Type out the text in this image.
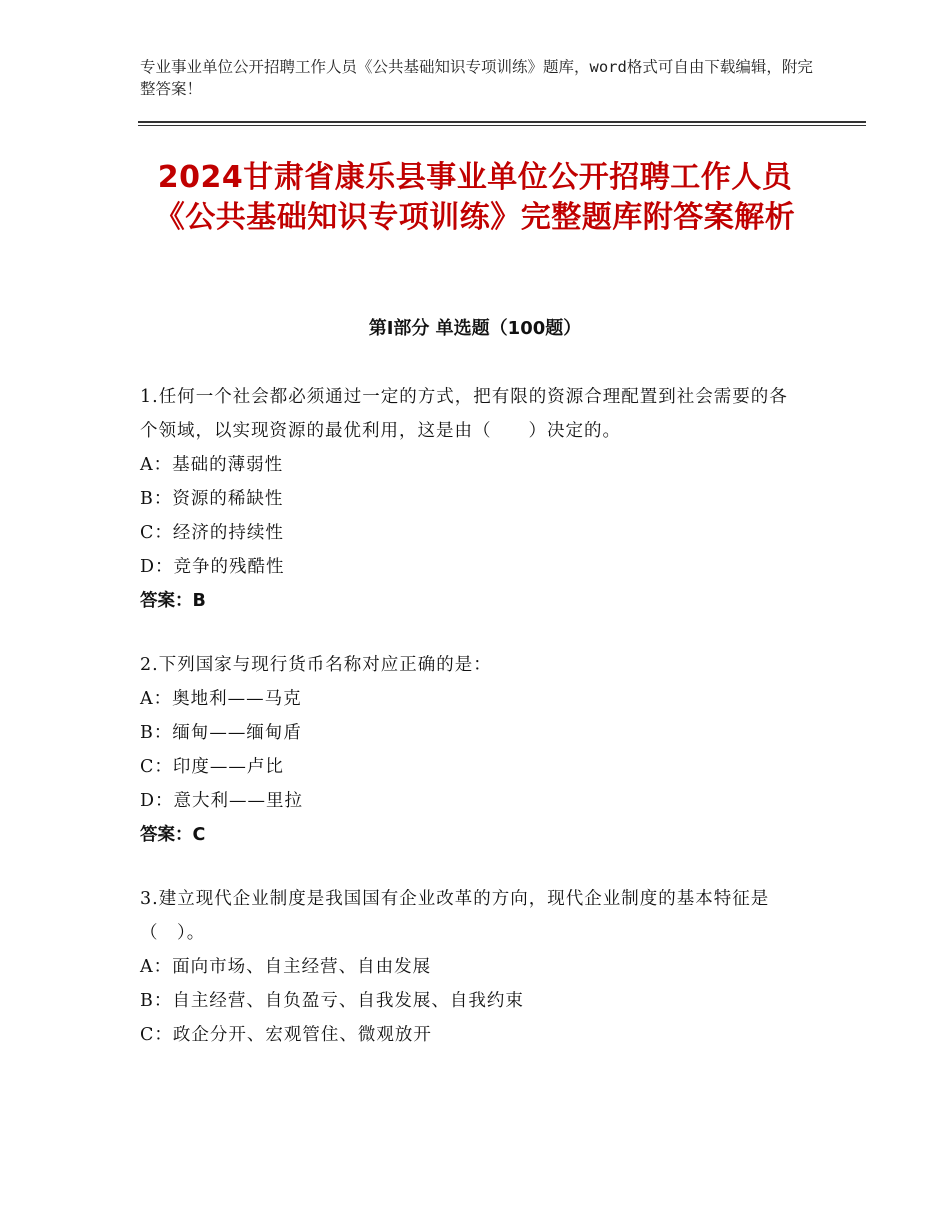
专业事业单位公开招聘工作人员《公共基础知识专项训练》题库，word格式可自由下载编辑，附完整答案！
2024甘肃省康乐县事业单位公开招聘工作人员《公共基础知识专项训练》完整题库附答案解析
第Ⅰ部分 单选题（100题）
1.任何一个社会都必须通过一定的方式，把有限的资源合理配置到社会需要的各个领域，以实现资源的最优利用，这是由（　　）决定的。
A：基础的薄弱性
B：资源的稀缺性
C：经济的持续性
D：竞争的残酷性
答案：B
2.下列国家与现行货币名称对应正确的是：
A：奥地利——马克
B：缅甸——缅甸盾
C：印度——卢比
D：意大利——里拉
答案：C
3.建立现代企业制度是我国国有企业改革的方向，现代企业制度的基本特征是（　）。
A：面向市场、自主经营、自由发展
B：自主经营、自负盈亏、自我发展、自我约束
C：政企分开、宏观管住、微观放开
